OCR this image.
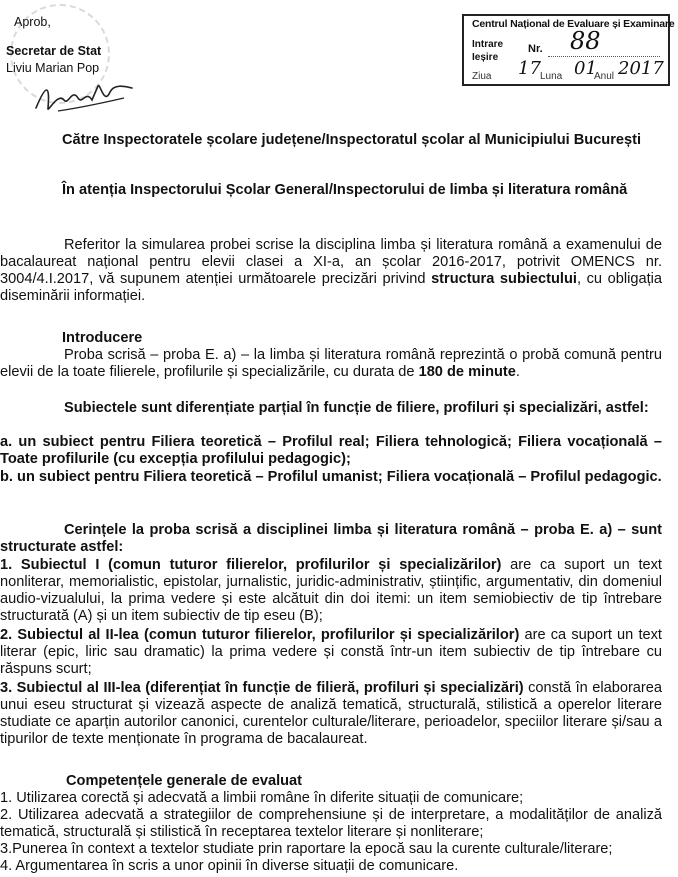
Aprob,
Secretar de Stat
Liviu Marian Pop
Centrul Național de Evaluare și Examinare
Intrare
Ieșire
Nr. 88
Ziua 17 Luna 01
Anul 2017

Către Inspectoratele școlare județene/Inspectoratul școlar al Municipiului București

În atenția Inspectorului Școlar General/Inspectorului de limba și literatura română

Referitor la simularea probei scrise la disciplina limba și literatura română a examenului de bacalaureat național pentru elevii clasei a XI-a, an școlar 2016-2017, potrivit OMENCS nr. 3004/4.I.2017, vă supunem atenției următoarele precizări privind structura subiectului, cu obligația diseminării informației.

Introducere

Proba scrisă – proba E. a) – la limba și literatura română reprezintă o probă comună pentru elevii de la toate filierele, profilurile și specializările, cu durata de 180 de minute.

Subiectele sunt diferențiate parțial în funcție de filiere, profiluri și specializări, astfel:

a. un subiect pentru Filiera teoretică – Profilul real; Filiera tehnologică; Filiera vocațională – Toate profilurile (cu excepția profilului pedagogic);

b. un subiect pentru Filiera teoretică – Profilul umanist; Filiera vocațională – Profilul pedagogic.

Cerințele la proba scrisă a disciplinei limba și literatura română – proba E. a) – sunt structurate astfel:

1. Subiectul I (comun tuturor filierelor, profilurilor și specializărilor) are ca suport un text nonliterar, memorialistic, epistolar, jurnalistic, juridic-administrativ, științific, argumentativ, din domeniul audio-vizualului, la prima vedere și este alcătuit din doi itemi: un item semiobiectiv de tip întrebare structurată (A) și un item subiectiv de tip eseu (B);

2. Subiectul al II-lea (comun tuturor filierelor, profilurilor și specializărilor) are ca suport un text literar (epic, liric sau dramatic) la prima vedere și constă într-un item subiectiv de tip întrebare cu răspuns scurt;

3. Subiectul al III-lea (diferențiat în funcție de filieră, profiluri și specializări) constă în elaborarea unui eseu structurat și vizează aspecte de analiză tematică, structurală, stilistică a operelor literare studiate ce aparțin autorilor canonici, curentelor culturale/literare, perioadelor, speciilor literare și/sau a tipurilor de texte menționate în programa de bacalaureat.

Competențele generale de evaluat

1. Utilizarea corectă și adecvată a limbii române în diferite situații de comunicare;

2. Utilizarea adecvată a strategiilor de comprehensiune și de interpretare, a modalităților de analiză tematică, structurală și stilistică în receptarea textelor literare și nonliterare;

3.Punerea în context a textelor studiate prin raportare la epocă sau la curente culturale/literare;

4. Argumentarea în scris a unor opinii în diverse situații de comunicare.
